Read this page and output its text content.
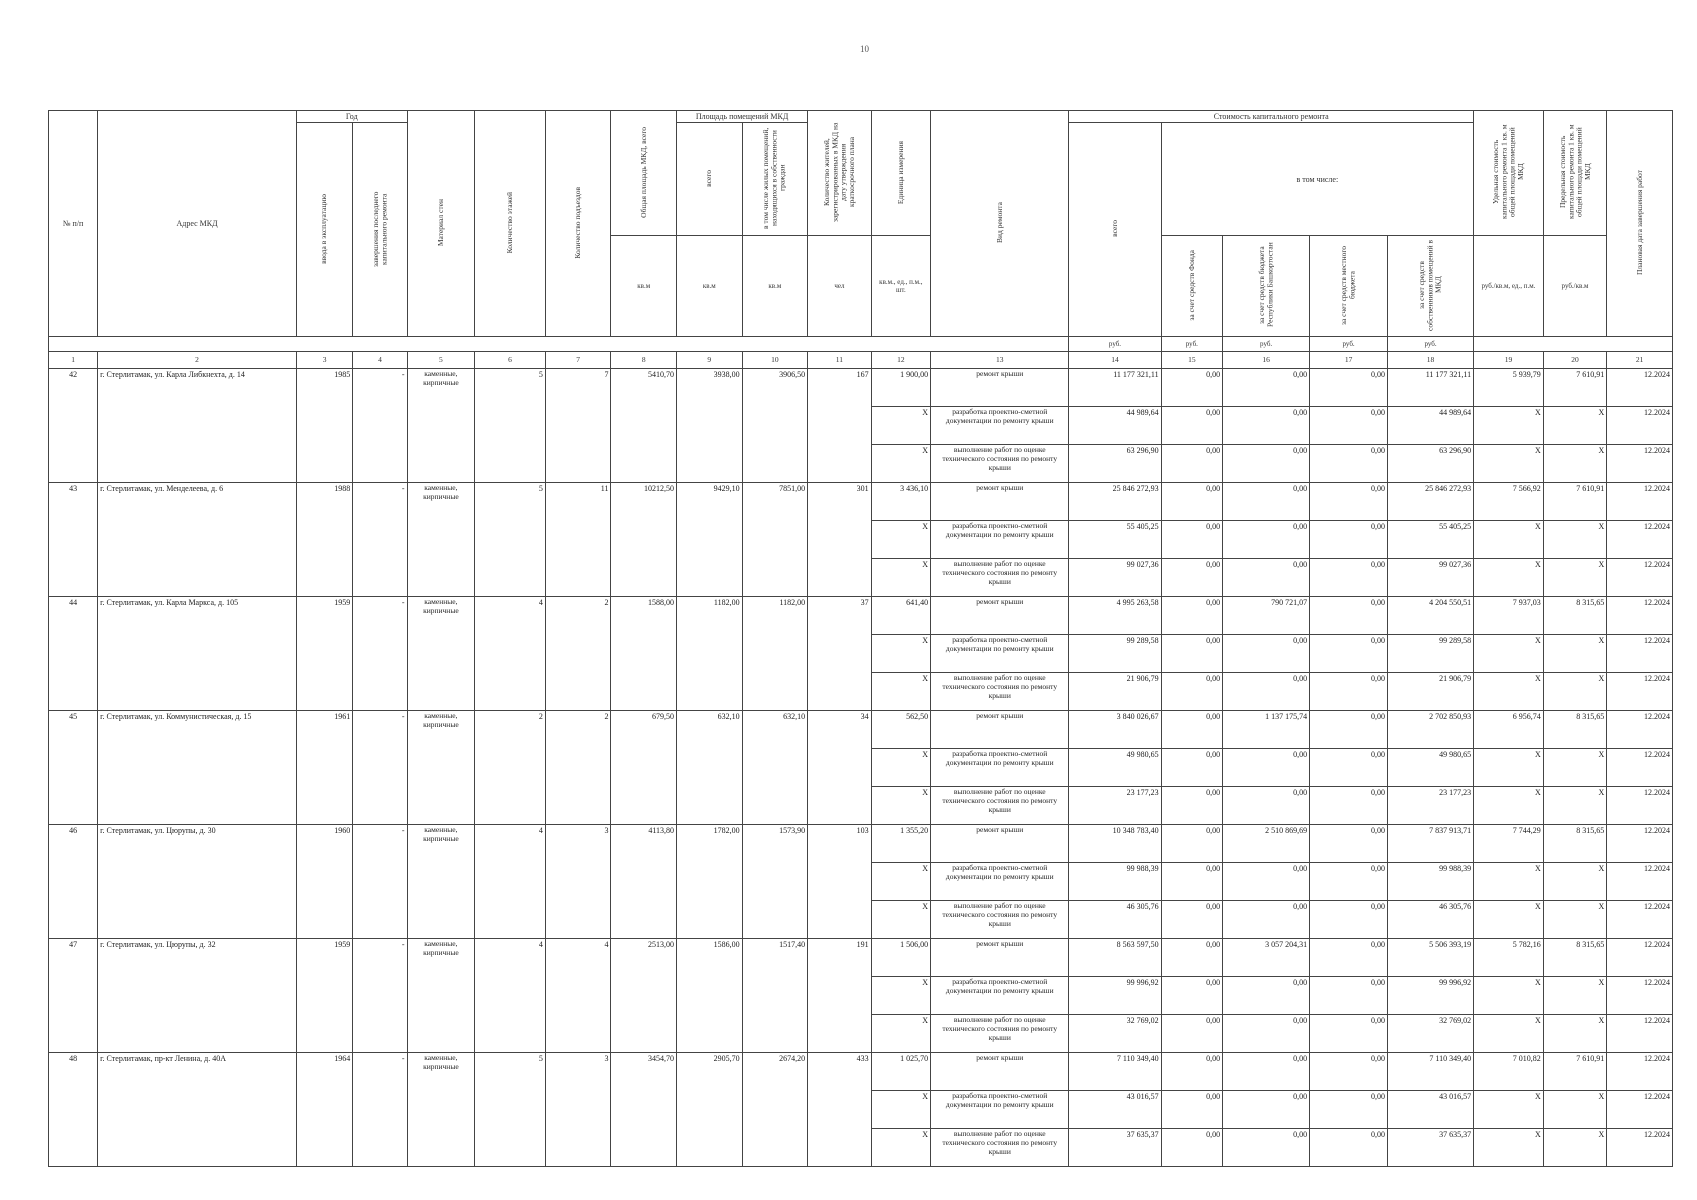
10
№ п/п	Адрес МКД	Год		Материал стен	Количество этажей	Количество подъездов	Общая площадь МКД, всего	Площадь помещений МКД		Количество жителей, зарегистрированных в МКД на дату утверждения краткосрочного плана	Единица измерения	Вид ремонта	Стоимость капитального ремонта					Удельная стоимость капитального ремонта 1 кв. м общей площади помещений МКД	Предельная стоимость капитального ремонта 1 кв. м общей площади помещений МКД	Плановая дата завершения работ
		ввода в эксплуатацию	завершения последнего капитального ремонта					всего	в том числе жилых помещений, находящихся в собственности граждан				всего	в том числе:						
							кв.м	кв.м	кв.м	чел	кв.м., ед., п.м., шт.			за счет средств Фонда	за счет средств бюджета Республики Башкортостан	за счет средств местного бюджета	за счет средств собственников помещений в МКД	руб./кв.м, ед., п.м.	руб./кв.м	
													руб.	руб.	руб.	руб.	руб.			
1	2	3	4	5	6	7	8	9	10	11	12	13	14	15	16	17	18	19	20	21
42	г. Стерлитамак, ул. Карла Либкнехта, д. 14	1985	-	каменные, кирпичные	5	7	5410,70	3938,00	3906,50	167	1 900,00	ремонт крыши	11 177 321,11	0,00	0,00	0,00	11 177 321,11	5 939,79	7 610,91	12.2024
											X	разработка проектно-сметной документации по ремонту крыши	44 989,64	0,00	0,00	0,00	44 989,64	X	X	12.2024
											X	выполнение работ по оценке технического состояния по ремонту крыши	63 296,90	0,00	0,00	0,00	63 296,90	X	X	12.2024
43	г. Стерлитамак, ул. Менделеева, д. 6	1988	-	каменные, кирпичные	5	11	10212,50	9429,10	7851,00	301	3 436,10	ремонт крыши	25 846 272,93	0,00	0,00	0,00	25 846 272,93	7 566,92	7 610,91	12.2024
											X	разработка проектно-сметной документации по ремонту крыши	55 405,25	0,00	0,00	0,00	55 405,25	X	X	12.2024
											X	выполнение работ по оценке технического состояния по ремонту крыши	99 027,36	0,00	0,00	0,00	99 027,36	X	X	12.2024
44	г. Стерлитамак, ул. Карла Маркса, д. 105	1959	-	каменные, кирпичные	4	2	1588,00	1182,00	1182,00	37	641,40	ремонт крыши	4 995 263,58	0,00	790 721,07	0,00	4 204 550,51	7 937,03	8 315,65	12.2024
											X	разработка проектно-сметной документации по ремонту крыши	99 289,58	0,00	0,00	0,00	99 289,58	X	X	12.2024
											X	выполнение работ по оценке технического состояния по ремонту крыши	21 906,79	0,00	0,00	0,00	21 906,79	X	X	12.2024
45	г. Стерлитамак, ул. Коммунистическая, д. 15	1961	-	каменные, кирпичные	2	2	679,50	632,10	632,10	34	562,50	ремонт крыши	3 840 026,67	0,00	1 137 175,74	0,00	2 702 850,93	6 956,74	8 315,65	12.2024
											X	разработка проектно-сметной документации по ремонту крыши	49 980,65	0,00	0,00	0,00	49 980,65	X	X	12.2024
											X	выполнение работ по оценке технического состояния по ремонту крыши	23 177,23	0,00	0,00	0,00	23 177,23	X	X	12.2024
46	г. Стерлитамак, ул. Цюрупы, д. 30	1960	-	каменные, кирпичные	4	3	4113,80	1782,00	1573,90	103	1 355,20	ремонт крыши	10 348 783,40	0,00	2 510 869,69	0,00	7 837 913,71	7 744,29	8 315,65	12.2024
											X	разработка проектно-сметной документации по ремонту крыши	99 988,39	0,00	0,00	0,00	99 988,39	X	X	12.2024
											X	выполнение работ по оценке технического состояния по ремонту крыши	46 305,76	0,00	0,00	0,00	46 305,76	X	X	12.2024
47	г. Стерлитамак, ул. Цюрупы, д. 32	1959	-	каменные, кирпичные	4	4	2513,00	1586,00	1517,40	191	1 506,00	ремонт крыши	8 563 597,50	0,00	3 057 204,31	0,00	5 506 393,19	5 782,16	8 315,65	12.2024
											X	разработка проектно-сметной документации по ремонту крыши	99 996,92	0,00	0,00	0,00	99 996,92	X	X	12.2024
											X	выполнение работ по оценке технического состояния по ремонту крыши	32 769,02	0,00	0,00	0,00	32 769,02	X	X	12.2024
48	г. Стерлитамак, пр-кт Ленина, д. 40А	1964	-	каменные, кирпичные	5	3	3454,70	2905,70	2674,20	433	1 025,70	ремонт крыши	7 110 349,40	0,00	0,00	0,00	7 110 349,40	7 010,82	7 610,91	12.2024
											X	разработка проектно-сметной документации по ремонту крыши	43 016,57	0,00	0,00	0,00	43 016,57	X	X	12.2024
											X	выполнение работ по оценке технического состояния по ремонту крыши	37 635,37	0,00	0,00	0,00	37 635,37	X	X	12.2024
